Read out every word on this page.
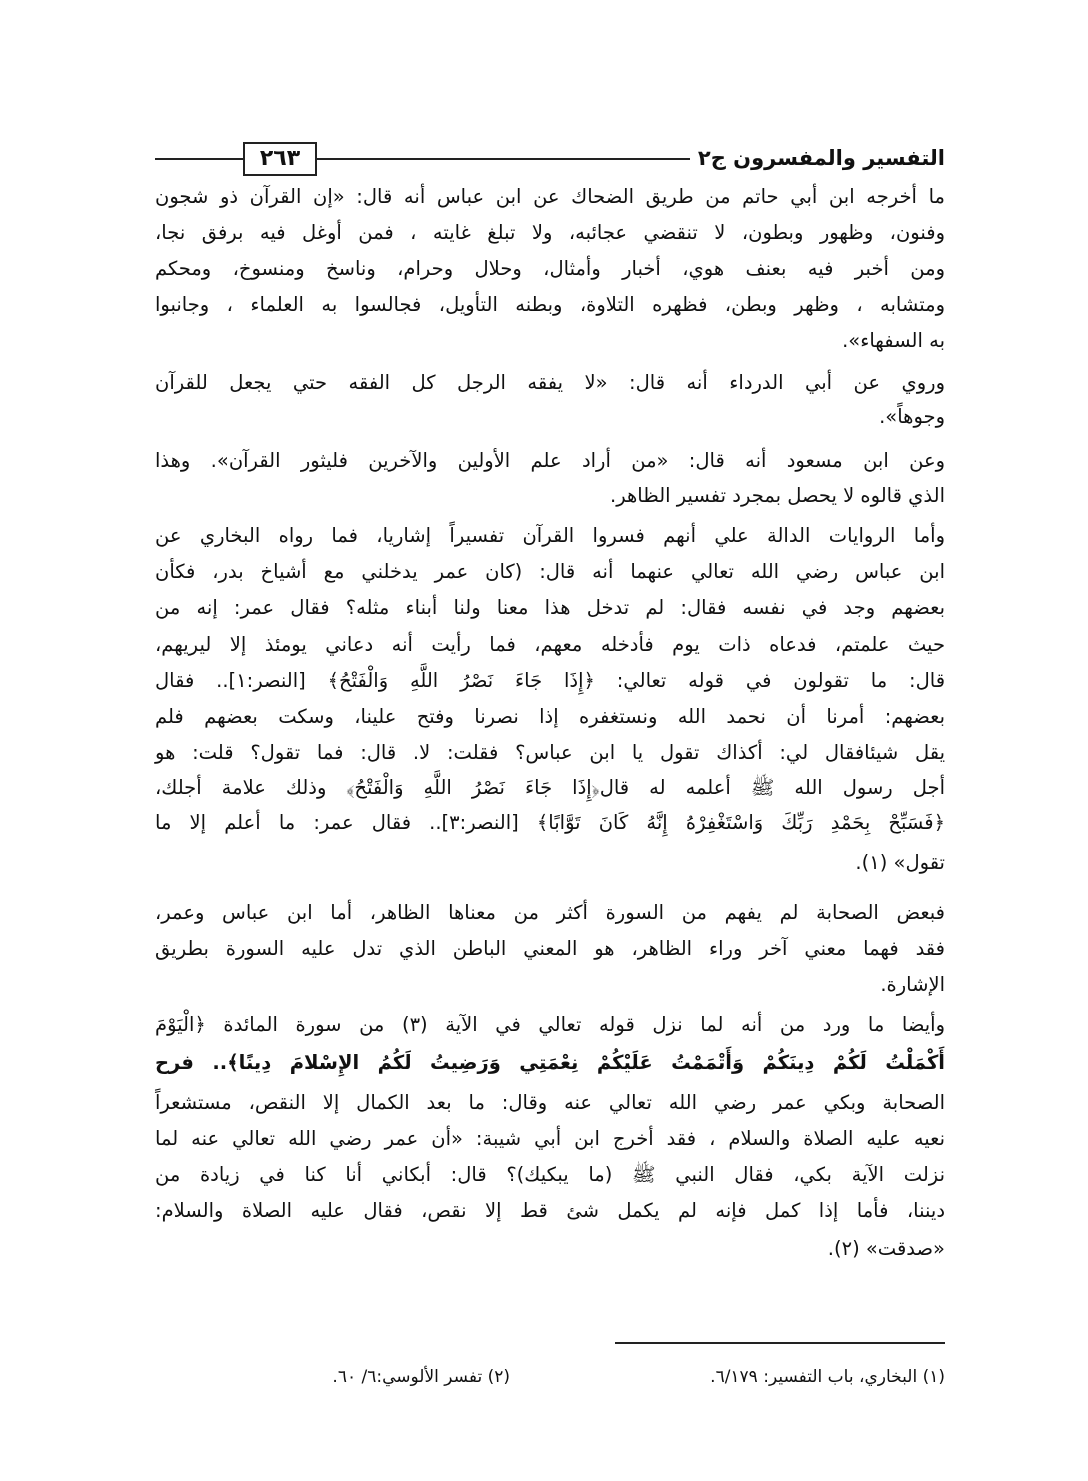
٢٦٣	التفسير والمفسرون ج٢
ما أخرجه ابن أبي حاتم من طريق الضحاك عن ابن عباس أنه قال: «إن القرآن ذو شجون
وفنون، وظهور وبطون، لا تنقضي عجائبه، ولا تبلغ غايته ، فمن أوغل فيه برفق نجا،
ومن أخبر فيه بعنف هوي، أخبار وأمثال، وحلال وحرام، وناسخ ومنسوخ، ومحكم
ومتشابه ، وظهر وبطن، فظهره التلاوة، وبطنه التأويل، فجالسوا به العلماء ، وجانبوا
به السفهاء».
وروي عن أبي الدرداء أنه قال: «لا يفقه الرجل كل الفقه حتي يجعل للقرآن
وجوهاً».
وعن ابن مسعود أنه قال: «من أراد علم الأولين والآخرين فليثور القرآن». وهذا
الذي قالوه لا يحصل بمجرد تفسير الظاهر.
وأما الروايات الدالة علي أنهم فسروا القرآن تفسيراً إشاريا، فما رواه البخاري عن
ابن عباس رضي الله تعالي عنهما أنه قال: (كان عمر يدخلني مع أشياخ بدر، فكأن
بعضهم وجد في نفسه فقال: لم تدخل هذا معنا ولنا أبناء مثله؟ فقال عمر: إنه من
حيث علمتم، فدعاه ذات يوم فأدخله معهم، فما رأيت أنه دعاني يومئذ إلا ليريهم،
قال: ما تقولون في قوله تعالي: ﴿إِذَا جَاءَ نَصْرُ اللَّهِ وَالْفَتْحُ﴾ [النصر:١].. فقال
بعضهم: أمرنا أن نحمد الله ونستغفره إذا نصرنا وفتح علينا، وسكت بعضهم فلم
يقل شيئافقال لي: أكذاك تقول يا ابن عباس؟ فقلت: لا. قال: فما تقول؟ قلت: هو
أجل رسول الله ﷺ أعلمه له قال﴿إِذَا جَاءَ نَصْرُ اللَّهِ وَالْفَتْحُ﴾ وذلك علامة أجلك،
﴿فَسَبِّحْ بِحَمْدِ رَبِّكَ وَاسْتَغْفِرْهُ إِنَّهُ كَانَ تَوَّابًا﴾ [النصر:٣].. فقال عمر: ما أعلم إلا ما
تقول» (١).
فبعض الصحابة لم يفهم من السورة أكثر من معناها الظاهر، أما ابن عباس وعمر،
فقد فهما معني آخر وراء الظاهر، هو المعني الباطن الذي تدل عليه السورة بطريق
الإشارة.
وأيضا ما ورد من أنه لما نزل قوله تعالي في الآية (٣) من سورة المائدة ﴿الْيَوْمَ
أَكْمَلْتُ لَكُمْ دِينَكُمْ وَأَتْمَمْتُ عَلَيْكُمْ نِعْمَتِي وَرَضِيتُ لَكُمُ الإِسْلامَ دِينًا﴾.. فرح
الصحابة وبكي عمر رضي الله تعالي عنه وقال: ما بعد الكمال إلا النقص، مستشعراً
نعيه عليه الصلاة والسلام ، فقد أخرج ابن أبي شيبة: «أن عمر رضي الله تعالي عنه لما
نزلت الآية بكي، فقال النبي ﷺ (ما يبكيك)؟ قال: أبكاني أنا كنا في زيادة من
ديننا، فأما إذا كمل فإنه لم يكمل شئ قط إلا نقص، فقال عليه الصلاة والسلام:
«صدقت» (٢).
(١) البخاري، باب التفسير: ٦/١٧٩.
(٢) تفسر الألوسي:٦/ ٦٠.
